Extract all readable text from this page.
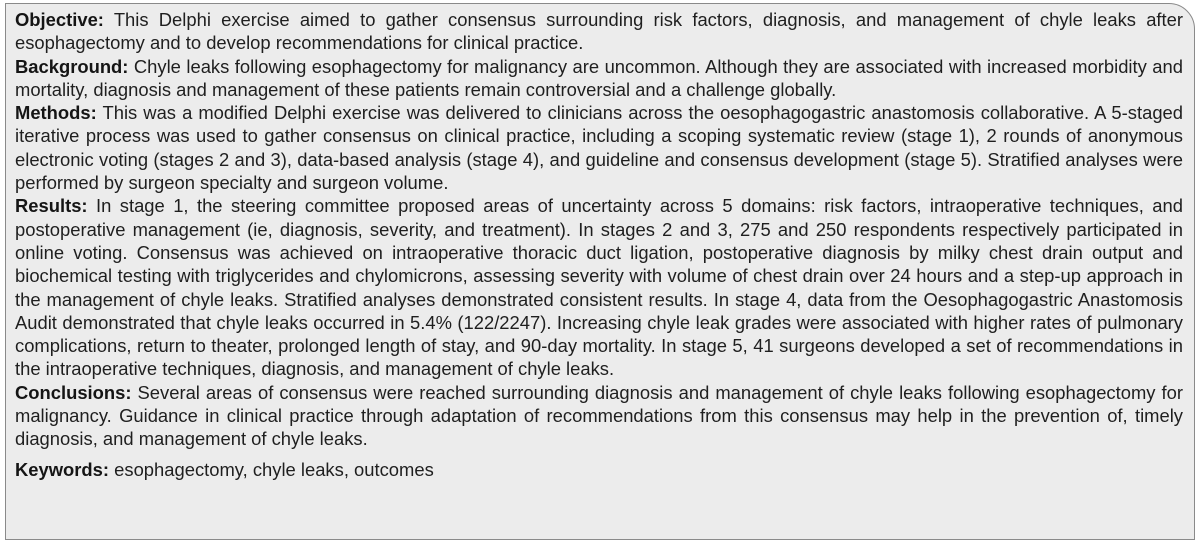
Objective: This Delphi exercise aimed to gather consensus surrounding risk factors, diagnosis, and management of chyle leaks after esophagectomy and to develop recommendations for clinical practice.

Background: Chyle leaks following esophagectomy for malignancy are uncommon. Although they are associated with increased morbidity and mortality, diagnosis and management of these patients remain controversial and a challenge globally.

Methods: This was a modified Delphi exercise was delivered to clinicians across the oesophagogastric anastomosis collaborative. A 5-staged iterative process was used to gather consensus on clinical practice, including a scoping systematic review (stage 1), 2 rounds of anonymous electronic voting (stages 2 and 3), data-based analysis (stage 4), and guideline and consensus development (stage 5). Stratified analyses were performed by surgeon specialty and surgeon volume.

Results: In stage 1, the steering committee proposed areas of uncertainty across 5 domains: risk factors, intraoperative techniques, and postoperative management (ie, diagnosis, severity, and treatment). In stages 2 and 3, 275 and 250 respondents respectively participated in online voting. Consensus was achieved on intraoperative thoracic duct ligation, postoperative diagnosis by milky chest drain output and biochemical testing with triglycerides and chylomicrons, assessing severity with volume of chest drain over 24 hours and a step-up approach in the management of chyle leaks. Stratified analyses demonstrated consistent results. In stage 4, data from the Oesophagogastric Anastomosis Audit demonstrated that chyle leaks occurred in 5.4% (122/2247). Increasing chyle leak grades were associated with higher rates of pulmonary complications, return to theater, prolonged length of stay, and 90-day mortality. In stage 5, 41 surgeons developed a set of recommendations in the intraoperative techniques, diagnosis, and management of chyle leaks.

Conclusions: Several areas of consensus were reached surrounding diagnosis and management of chyle leaks following esophagectomy for malignancy. Guidance in clinical practice through adaptation of recommendations from this consensus may help in the prevention of, timely diagnosis, and management of chyle leaks.

Keywords: esophagectomy, chyle leaks, outcomes
